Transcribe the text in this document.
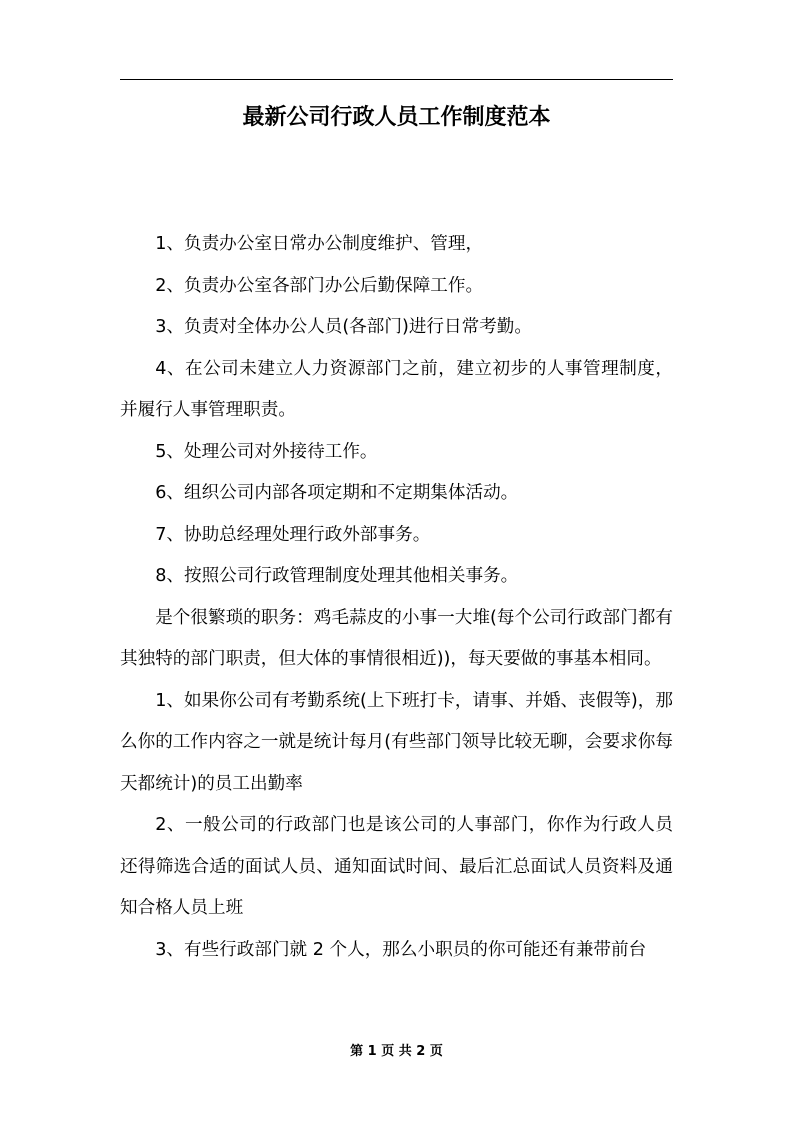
最新公司行政人员工作制度范本

1、负责办公室日常办公制度维护、管理，

2、负责办公室各部门办公后勤保障工作。

3、负责对全体办公人员(各部门)进行日常考勤。

4、在公司未建立人力资源部门之前，建立初步的人事管理制度，并履行人事管理职责。

5、处理公司对外接待工作。

6、组织公司内部各项定期和不定期集体活动。

7、协助总经理处理行政外部事务。

8、按照公司行政管理制度处理其他相关事务。

是个很繁琐的职务：鸡毛蒜皮的小事一大堆(每个公司行政部门都有其独特的部门职责，但大体的事情很相近))，每天要做的事基本相同。

1、如果你公司有考勤系统(上下班打卡，请事、并婚、丧假等)，那么你的工作内容之一就是统计每月(有些部门领导比较无聊，会要求你每天都统计)的员工出勤率

2、一般公司的行政部门也是该公司的人事部门，你作为行政人员还得筛选合适的面试人员、通知面试时间、最后汇总面试人员资料及通知合格人员上班

3、有些行政部门就 2 个人，那么小职员的你可能还有兼带前台

第 1 页 共 2 页
